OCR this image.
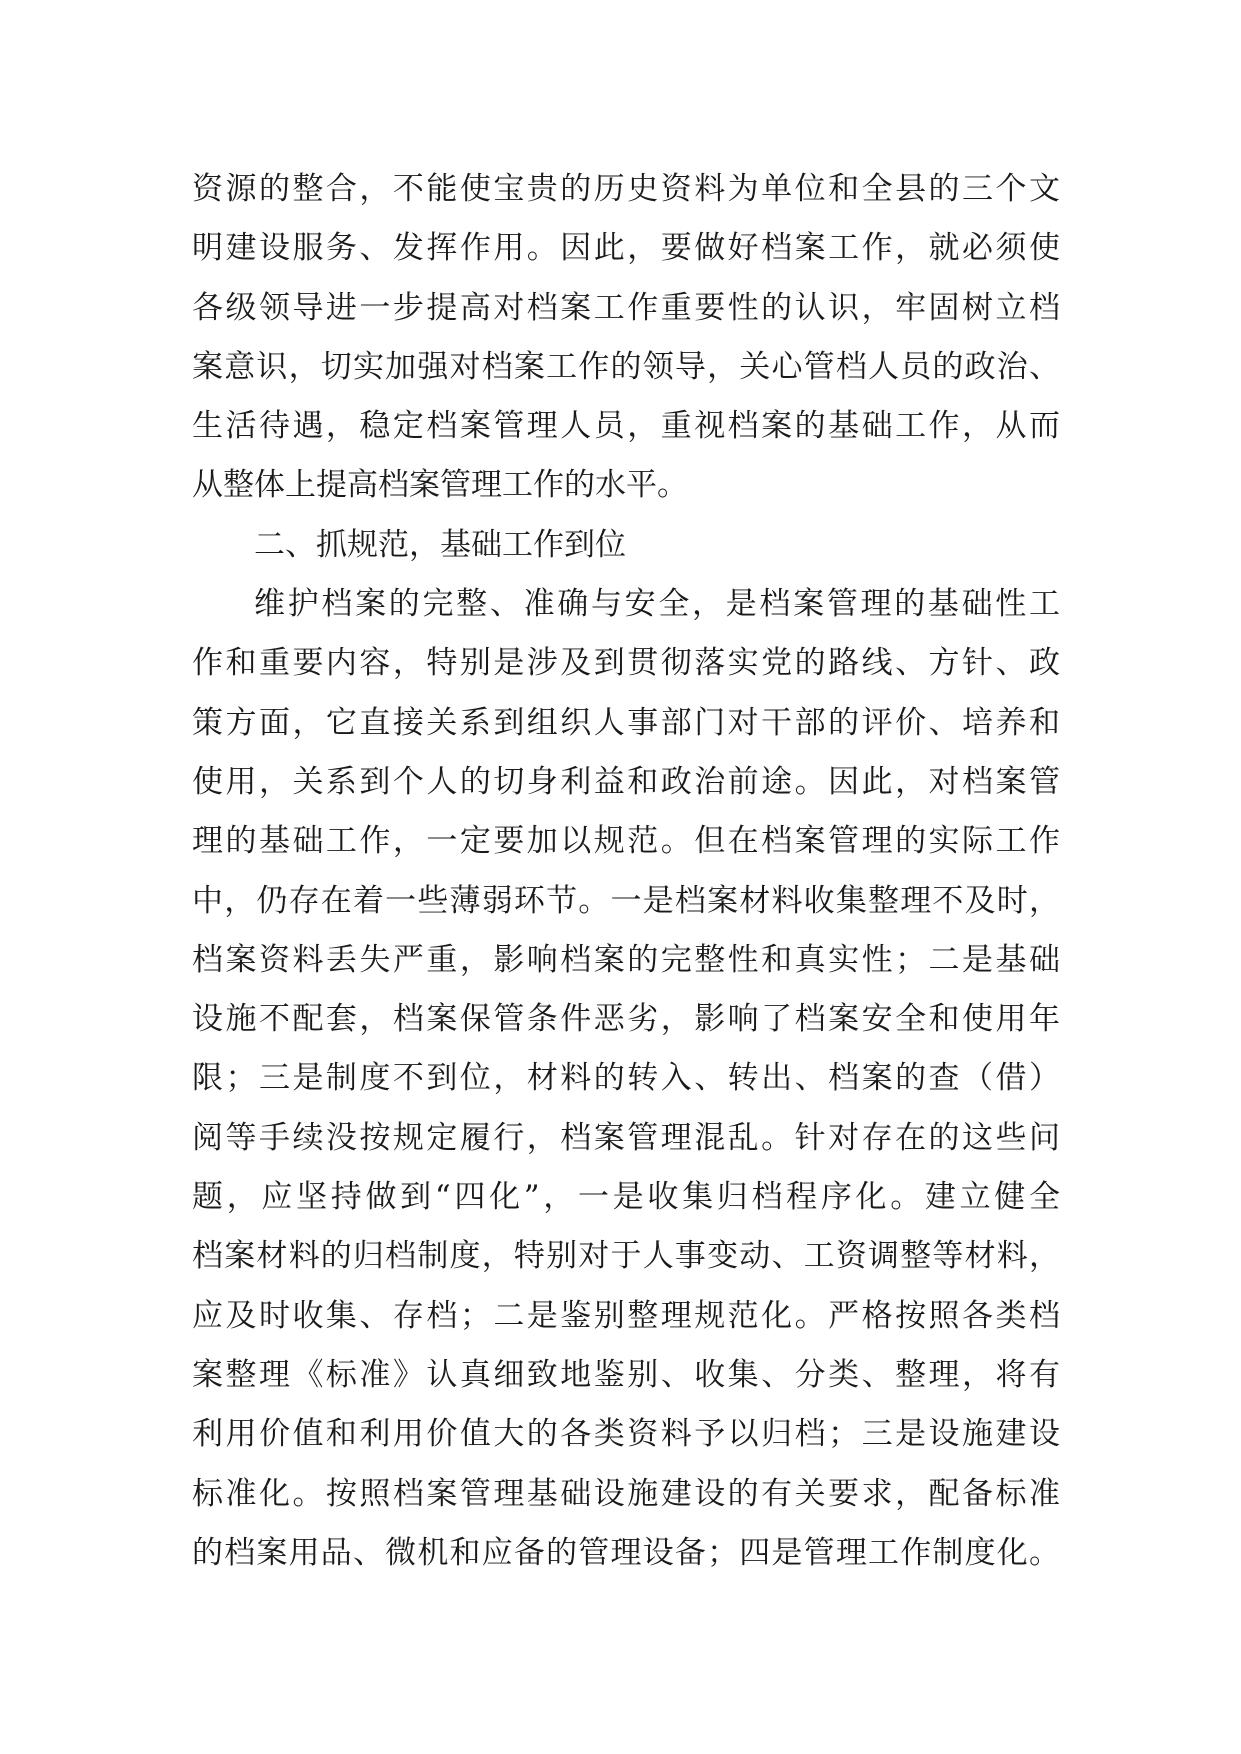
资源的整合，不能使宝贵的历史资料为单位和全县的三个文
明建设服务、发挥作用。因此，要做好档案工作，就必须使
各级领导进一步提高对档案工作重要性的认识，牢固树立档
案意识，切实加强对档案工作的领导，关心管档人员的政治、
生活待遇，稳定档案管理人员，重视档案的基础工作，从而
从整体上提高档案管理工作的水平。
二、抓规范，基础工作到位
维护档案的完整、准确与安全，是档案管理的基础性工
作和重要内容，特别是涉及到贯彻落实党的路线、方针、政
策方面，它直接关系到组织人事部门对干部的评价、培养和
使用，关系到个人的切身利益和政治前途。因此，对档案管
理的基础工作，一定要加以规范。但在档案管理的实际工作
中，仍存在着一些薄弱环节。一是档案材料收集整理不及时，
档案资料丢失严重，影响档案的完整性和真实性；二是基础
设施不配套，档案保管条件恶劣，影响了档案安全和使用年
限；三是制度不到位，材料的转入、转出、档案的查（借）
阅等手续没按规定履行，档案管理混乱。针对存在的这些问
题，应坚持做到“四化”，一是收集归档程序化。建立健全
档案材料的归档制度，特别对于人事变动、工资调整等材料，
应及时收集、存档；二是鉴别整理规范化。严格按照各类档
案整理《标准》认真细致地鉴别、收集、分类、整理，将有
利用价值和利用价值大的各类资料予以归档；三是设施建设
标准化。按照档案管理基础设施建设的有关要求，配备标准
的档案用品、微机和应备的管理设备；四是管理工作制度化。
